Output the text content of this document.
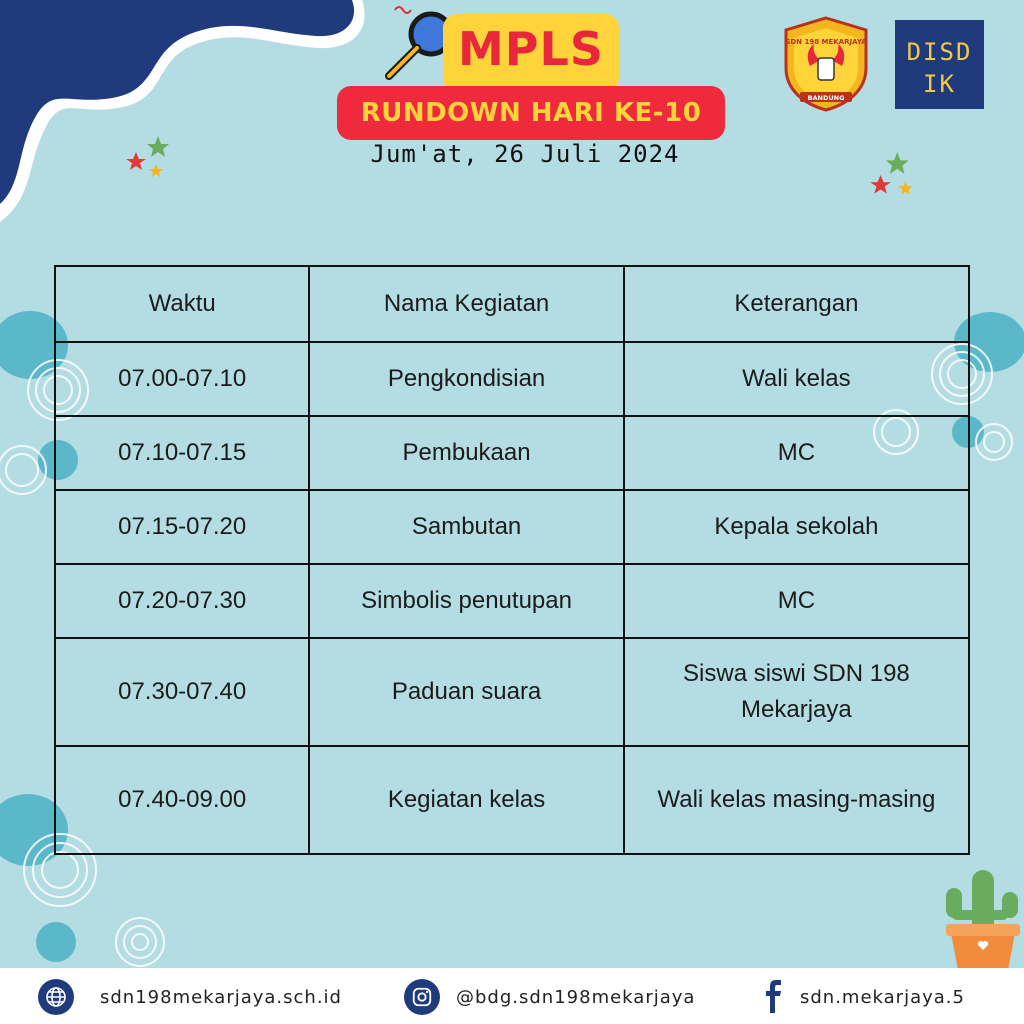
MPLS
RUNDOWN HARI KE-10
Jum'at, 26 Juli 2024
SDN 198 MEKARJAYA
BANDUNG
DISD
IK
Waktu	Nama Kegiatan	Keterangan
07.00-07.10	Pengkondisian	Wali kelas
07.10-07.15	Pembukaan	MC
07.15-07.20	Sambutan	Kepala sekolah
07.20-07.30	Simbolis penutupan	MC
07.30-07.40	Paduan suara	Siswa siswi SDN 198 Mekarjaya
07.40-09.00	Kegiatan kelas	Wali kelas masing-masing
sdn198mekarjaya.sch.id	@bdg.sdn198mekarjaya	sdn.mekarjaya.5
